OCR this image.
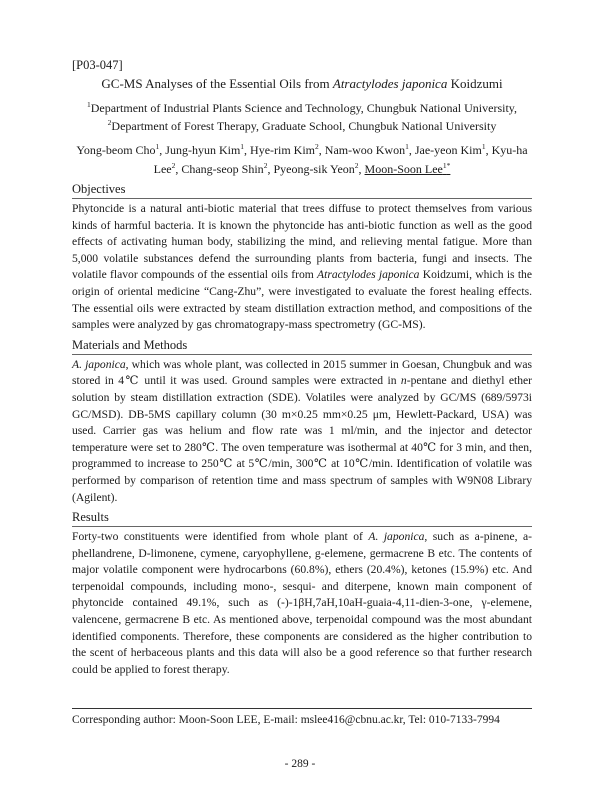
[P03-047]
GC-MS Analyses of the Essential Oils from Atractylodes japonica Koidzumi
$^1$Department of Industrial Plants Science and Technology, Chungbuk National University, $^2$Department of Forest Therapy, Graduate School, Chungbuk National University
Yong-beom Cho$^1$, Jung-hyun Kim$^1$, Hye-rim Kim$^2$, Nam-woo Kwon$^1$, Jae-yeon Kim$^1$, Kyu-ha Lee$^2$, Chang-seop Shin$^2$, Pyeong-sik Yeon$^2$, Moon-Soon Lee$^{1*}$
Objectives
Phytoncide is a natural anti-biotic material that trees diffuse to protect themselves from various kinds of harmful bacteria. It is known the phytoncide has anti-biotic function as well as the good effects of activating human body, stabilizing the mind, and relieving mental fatigue. More than 5,000 volatile substances defend the surrounding plants from bacteria, fungi and insects. The volatile flavor compounds of the essential oils from Atractylodes japonica Koidzumi, which is the origin of oriental medicine “Cang-Zhu”, were investigated to evaluate the forest healing effects. The essential oils were extracted by steam distillation extraction method, and compositions of the samples were analyzed by gas chromatograpy-mass spectrometry (GC-MS).
Materials and Methods
A. japonica, which was whole plant, was collected in 2015 summer in Goesan, Chungbuk and was stored in 4℃ until it was used. Ground samples were extracted in n-pentane and diethyl ether solution by steam distillation extraction (SDE). Volatiles were analyzed by GC/MS (689/5973i GC/MSD). DB-5MS capillary column (30 m×0.25 mm×0.25 μm, Hewlett-Packard, USA) was used. Carrier gas was helium and flow rate was 1 ml/min, and the injector and detector temperature were set to 280℃. The oven temperature was isothermal at 40℃ for 3 min, and then, programmed to increase to 250℃ at 5℃/min, 300℃ at 10℃/min. Identification of volatile was performed by comparison of retention time and mass spectrum of samples with W9N08 Library (Agilent).
Results
Forty-two constituents were identified from whole plant of A. japonica, such as a-pinene, a-phellandrene, D-limonene, cymene, caryophyllene, g-elemene, germacrene B etc. The contents of major volatile component were hydrocarbons (60.8%), ethers (20.4%), ketones (15.9%) etc. And terpenoidal compounds, including mono-, sesqui- and diterpene, known main component of phytoncide contained 49.1%, such as (-)-1βH,7aH,10aH-guaia-4,11-dien-3-one, γ-elemene, valencene, germacrene B etc. As mentioned above, terpenoidal compound was the most abundant identified components. Therefore, these components are considered as the higher contribution to the scent of herbaceous plants and this data will also be a good reference so that further research could be applied to forest therapy.
Corresponding author: Moon-Soon LEE, E-mail: mslee416@cbnu.ac.kr, Tel: 010-7133-7994
- 289 -
